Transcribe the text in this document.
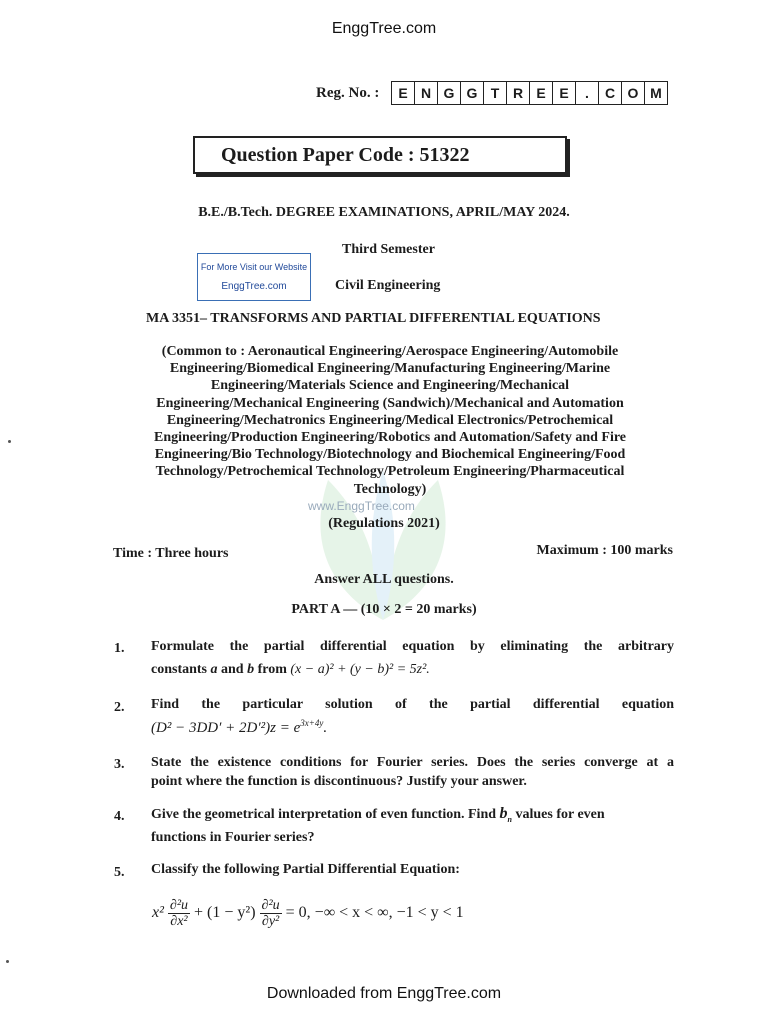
EnggTree.com
Reg. No. :	E N G G T R E E	.	C O M
Question Paper Code : 51322
B.E./B.Tech. DEGREE EXAMINATIONS, APRIL/MAY 2024.
Third Semester
For More Visit our Website
EnggTree.com	Civil Engineering
MA 3351– TRANSFORMS AND PARTIAL DIFFERENTIAL EQUATIONS
(Common to : Aeronautical Engineering/Aerospace Engineering/Automobile
Engineering/Biomedical Engineering/Manufacturing Engineering/Marine
Engineering/Materials Science and Engineering/Mechanical
Engineering/Mechanical Engineering (Sandwich)/Mechanical and Automation
Engineering/Mechatronics Engineering/Medical Electronics/Petrochemical
Engineering/Production Engineering/Robotics and Automation/Safety and Fire
Engineering/Bio Technology/Biotechnology and Biochemical Engineering/Food
Technology/Petrochemical Technology/Petroleum Engineering/Pharmaceutical
Technology)
www.EnggTree.com
(Regulations 2021)
Time : Three hours	Maximum : 100 marks
Answer ALL questions.
PART A — (10 × 2 = 20 marks)
1. Formulate the partial differential equation by eliminating the arbitrary
constants a and b from (x − a)² + (y − b)² = 5z².
2. Find the particular solution of the partial differential equation
$(D^2 - 3DD' + 2D'^2)z = e^{3x+4y}$.
3. State the existence conditions for Fourier series. Does the series converge at a
point where the function is discontinuous? Justify your answer.
4. Give the geometrical interpretation of even function. Find $b_n$ values for even
functions in Fourier series?
5. Classify the following Partial Differential Equation:
$x^2 \frac{\text{∂²u}}{\text{∂x²}} + (1 - y^2) \frac{\text{∂²u}}{\text{∂y²}} = 0$, −∞ < x < ∞, −1 < y < 1
Downloaded from EnggTree.com
